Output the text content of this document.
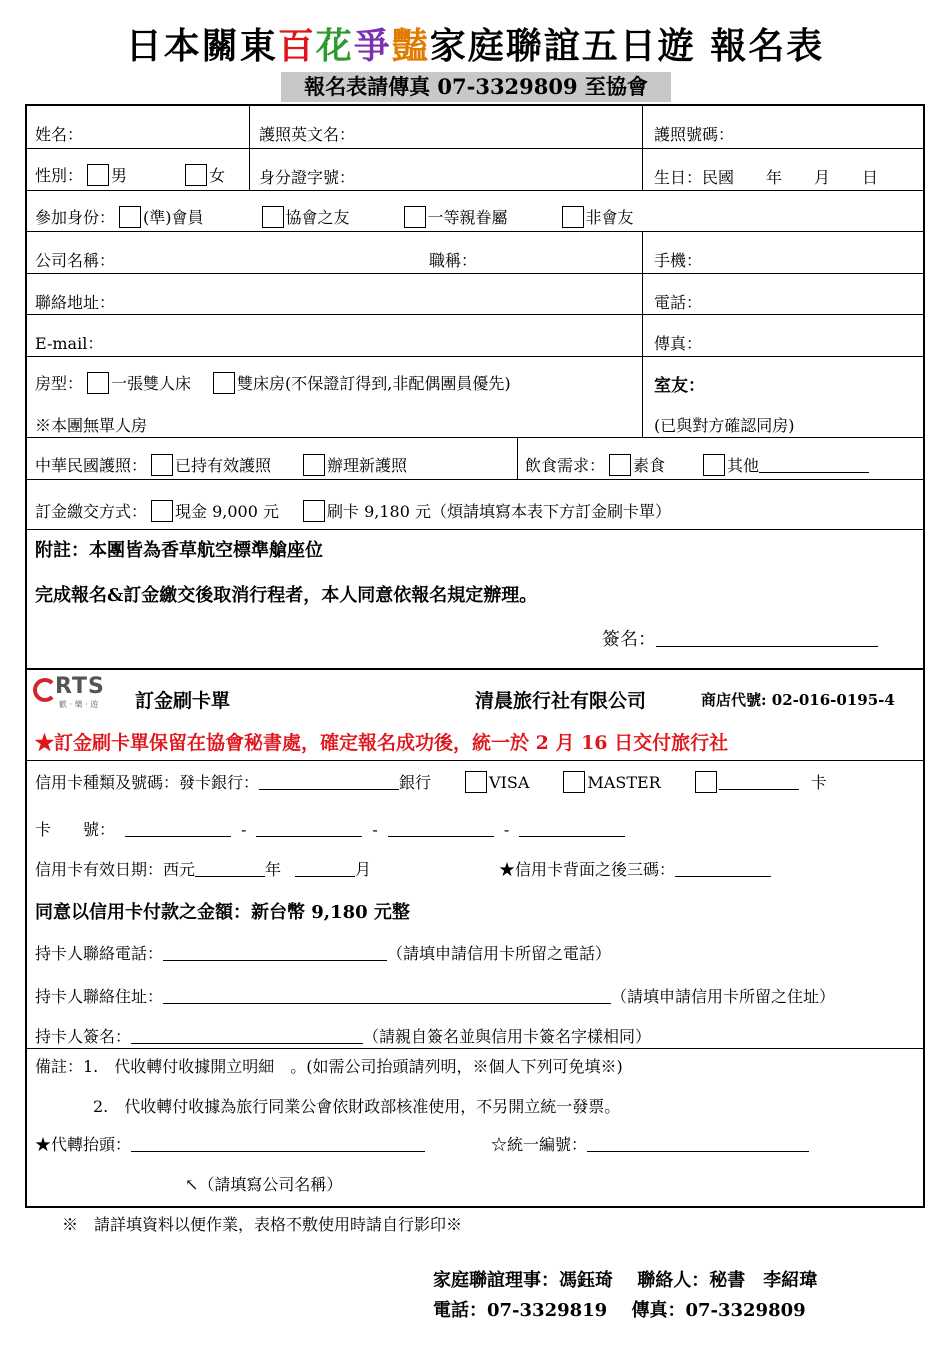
日本關東百花爭豔家庭聯誼五日遊 報名表
報名表請傳真 07-3329809 至協會
姓名：	護照英文名：	護照號碼：
性別： 男	女 身分證字號：	生日：民國　　年　　月　　日
參加身份： (準)會員	協會之友	一等親眷屬	非會友
公司名稱：	職稱：	手機：
聯絡地址：	電話：
E-mail：	傳真：
房型： 一張雙人床	雙床房(不保證訂得到,非配偶團員優先)	室友：
※本團無單人房	(已與對方確認同房)
中華民國護照： 已持有效護照	辦理新護照	飲食需求： 素食	其他
訂金繳交方式： 現金 9,000 元	刷卡 9,180 元（煩請填寫本表下方訂金刷卡單）
附註：本團皆為香草航空標準艙座位
完成報名&訂金繳交後取消行程者，本人同意依報名規定辦理。
簽名：
RTS
歡 ‧ 樂 ‧ 遊 訂金刷卡單	清晨旅行社有限公司	商店代號: 02-016-0195-4
★訂金刷卡單保留在協會秘書處，確定報名成功後，統一於 2 月 16 日交付旅行社
信用卡種類及號碼：發卡銀行：	銀行	VISA	MASTER	卡
卡　　號：	-	-	-
信用卡有效日期：西元	年	月	★信用卡背面之後三碼：
同意以信用卡付款之金額：新台幣 9,180 元整
持卡人聯絡電話：	（請填申請信用卡所留之電話）
持卡人聯絡住址：	（請填申請信用卡所留之住址）
持卡人簽名：	（請親自簽名並與信用卡簽名字樣相同）
備註：1.　代收轉付收據開立明細　。(如需公司抬頭請列明，※個人下列可免填※)
2.　代收轉付收據為旅行同業公會依財政部核准使用，不另開立統一發票。
★代轉抬頭：	☆統一編號：
↖（請填寫公司名稱）
※　請詳填資料以便作業，表格不敷使用時請自行影印※
家庭聯誼理事：馮鈺琦　 聯絡人：秘書　李紹瑋
電話：07-3329819　 傳真：07-3329809
